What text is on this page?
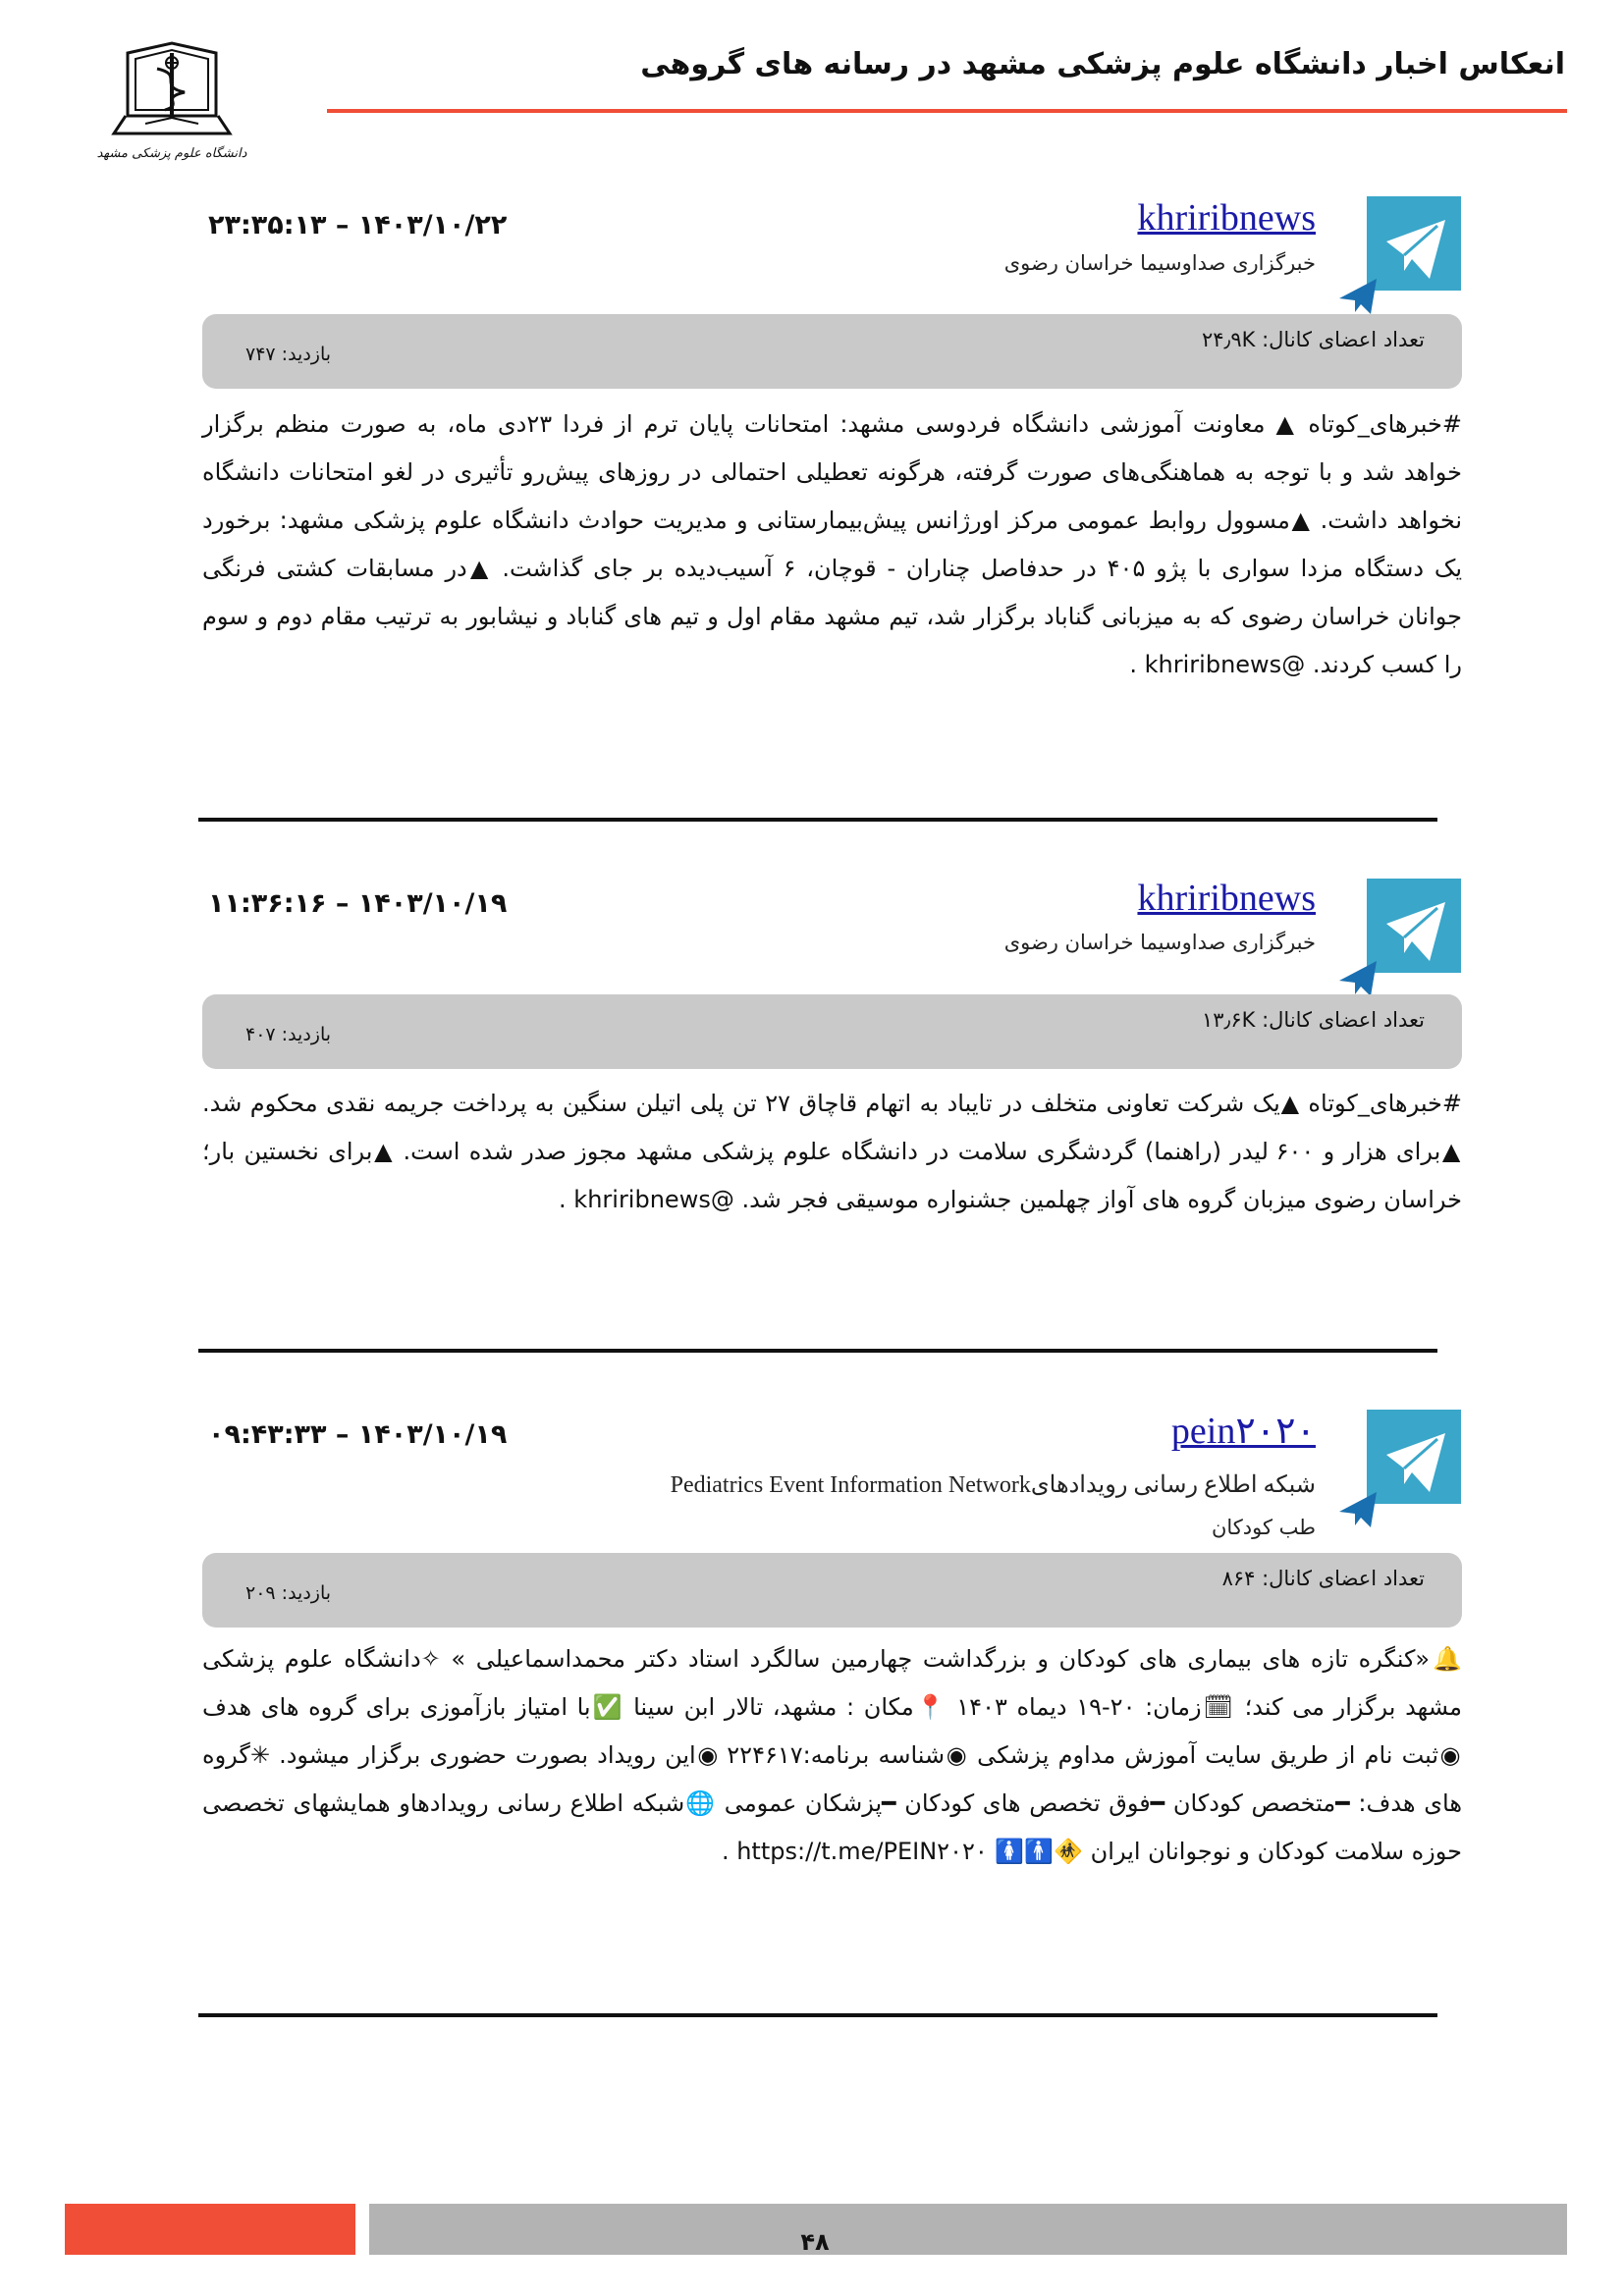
انعکاس اخبار دانشگاه علوم پزشکی مشهد در رسانه های گروهی
دانشگاه علوم پزشکی مشهد
khriribnews
خبرگزاری صداوسیما خراسان رضوی
۲۳:۳۵:۱۳ – ۱۴۰۳/۱۰/۲۲
تعداد اعضای کانال: ۲۴٫۹K
بازدید: ۷۴۷
#خبرهای_کوتاه ▲ معاونت آموزشی دانشگاه فردوسی مشهد: امتحانات پایان ترم از فردا ۲۳دی ماه، به صورت منظم برگزار خواهد شد و با توجه به هماهنگی‌های صورت گرفته، هرگونه تعطیلی احتمالی در روزهای پیش‌رو تأثیری در لغو امتحانات دانشگاه نخواهد داشت. ▲مسوول روابط عمومی مرکز اورژانس پیش‌بیمارستانی و مدیریت حوادث دانشگاه علوم پزشکی مشهد: برخورد یک دستگاه مزدا سواری با پژو ۴۰۵ در حدفاصل چناران - قوچان، ۶ آسیب‌دیده بر جای گذاشت. ▲در مسابقات کشتی فرنگی جوانان خراسان رضوی که به میزبانی گناباد برگزار شد، تیم مشهد مقام اول و تیم های گناباد و نیشابور به ترتیب مقام دوم و سوم را کسب کردند. @khriribnews .
khriribnews
خبرگزاری صداوسیما خراسان رضوی
۱۱:۳۶:۱۶ – ۱۴۰۳/۱۰/۱۹
تعداد اعضای کانال: ۱۳٫۶K
بازدید: ۴۰۷
#خبرهای_کوتاه ▲یک شرکت تعاونی متخلف در تایباد به اتهام قاچاق ۲۷ تن پلی اتیلن سنگین به پرداخت جریمه نقدی محکوم شد. ▲برای هزار و ۶۰۰ لیدر (راهنما) گردشگری سلامت در دانشگاه علوم پزشکی مشهد مجوز صدر شده است. ▲برای نخستین بار؛خراسان رضوی میزبان گروه های آواز چهلمین جشنواره موسیقی فجر شد. @khriribnews .
pein۲۰۲۰
شبکه اطلاع رسانی رویدادهایPediatrics Event Information Network
طب کودکان
۰۹:۴۳:۳۳ – ۱۴۰۳/۱۰/۱۹
تعداد اعضای کانال: ۸۶۴
بازدید: ۲۰۹
🔔«کنگره تازه های بیماری های کودکان و بزرگداشت چهارمین سالگرد استاد دکتر محمداسماعیلی » ✧دانشگاه علوم پزشکی مشهد برگزار می کند؛ 🗓زمان: ۲۰-۱۹ دیماه ۱۴۰۳ 📍مکان : مشهد، تالار ابن سینا ✅با امتیاز بازآموزی برای گروه های هدف ◉ثبت نام از طریق سایت آموزش مداوم پزشکی ◉شناسه برنامه:۲۲۴۶۱۷ ◉این رویداد بصورت حضوری برگزار میشود. ✳گروه های هدف: ━متخصص کودکان ━فوق تخصص های کودکان ━پزشکان عمومی 🌐شبکه اطلاع رسانی رویدادهاو همایشهای تخصصی حوزه سلامت کودکان و نوجوانان ایران 🚸🚹🚺 https://t.me/PEIN۲۰۲۰ .
۴۸
